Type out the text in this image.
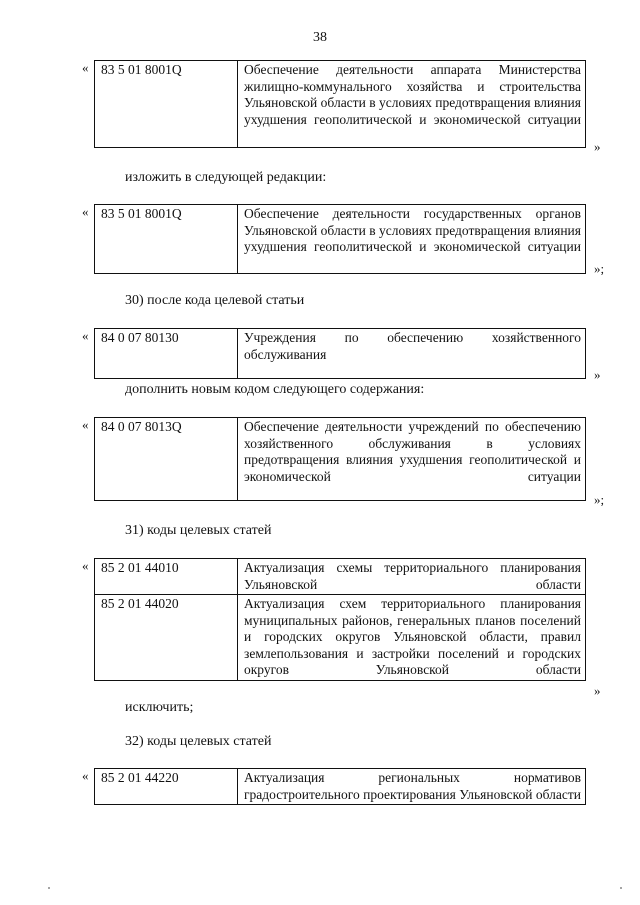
38
« 83 5 01 8001Q	Обеспечение деятельности аппарата Министерства жилищно-коммунального хозяйства и строительства Ульяновской области в условиях предотвращения влияния ухудшения геополитической и экономической ситуации
»
изложить в следующей редакции:
« 83 5 01 8001Q	Обеспечение деятельности государственных органов Ульяновской области в условиях предотвращения влияния ухудшения геополитической и экономической ситуации
»;
30) после кода целевой статьи
« 84 0 07 80130	Учреждения по обеспечению хозяйственного обслуживания
»
дополнить новым кодом следующего содержания:
« 84 0 07 8013Q	Обеспечение деятельности учреждений по обеспечению хозяйственного обслуживания в условиях предотвращения влияния ухудшения геополитической и экономической ситуации
»;
31) коды целевых статей
« 85 2 01 44010	Актуализация схемы территориального планирования Ульяновской области
85 2 01 44020	Актуализация схем территориального планирования муниципальных районов, генеральных планов поселений и городских округов Ульяновской области, правил землепользования и застройки поселений и городских округов Ульяновской области
»
исключить;
32) коды целевых статей
« 85 2 01 44220	Актуализация региональных нормативов градостроительного проектирования Ульяновской области
